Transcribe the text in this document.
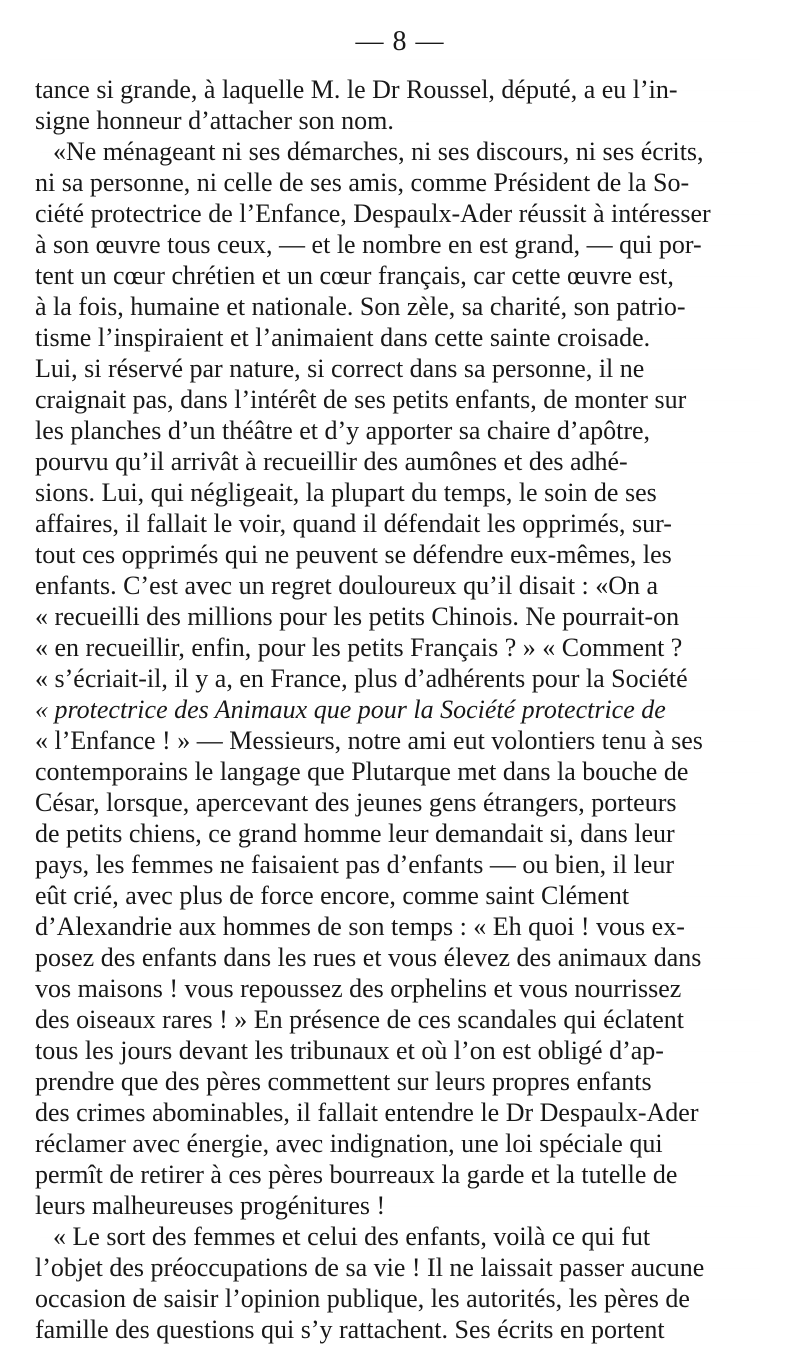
— 8 —
tance si grande, à laquelle M. le Dr Roussel, député, a eu l’in-
signe honneur d’attacher son nom.
«Ne ménageant ni ses démarches, ni ses discours, ni ses écrits,
ni sa personne, ni celle de ses amis, comme Président de la So-
ciété protectrice de l’Enfance, Despaulx-Ader réussit à intéresser
à son œuvre tous ceux, — et le nombre en est grand, — qui por-
tent un cœur chrétien et un cœur français, car cette œuvre est,
à la fois, humaine et nationale. Son zèle, sa charité, son patrio-
tisme l’inspiraient et l’animaient dans cette sainte croisade.
Lui, si réservé par nature, si correct dans sa personne, il ne
craignait pas, dans l’intérêt de ses petits enfants, de monter sur
les planches d’un théâtre et d’y apporter sa chaire d’apôtre,
pourvu qu’il arrivât à recueillir des aumônes et des adhé-
sions. Lui, qui négligeait, la plupart du temps, le soin de ses
affaires, il fallait le voir, quand il défendait les opprimés, sur-
tout ces opprimés qui ne peuvent se défendre eux-mêmes, les
enfants. C’est avec un regret douloureux qu’il disait : «On a
« recueilli des millions pour les petits Chinois. Ne pourrait-on
« en recueillir, enfin, pour les petits Français ? » « Comment ?
« s’écriait-il, il y a, en France, plus d’adhérents pour la Société
« protectrice des Animaux que pour la Société protectrice de
« l’Enfance ! » — Messieurs, notre ami eut volontiers tenu à ses
contemporains le langage que Plutarque met dans la bouche de
César, lorsque, apercevant des jeunes gens étrangers, porteurs
de petits chiens, ce grand homme leur demandait si, dans leur
pays, les femmes ne faisaient pas d’enfants — ou bien, il leur
eût crié, avec plus de force encore, comme saint Clément
d’Alexandrie aux hommes de son temps : « Eh quoi ! vous ex-
posez des enfants dans les rues et vous élevez des animaux dans
vos maisons ! vous repoussez des orphelins et vous nourrissez
des oiseaux rares ! » En présence de ces scandales qui éclatent
tous les jours devant les tribunaux et où l’on est obligé d’ap-
prendre que des pères commettent sur leurs propres enfants
des crimes abominables, il fallait entendre le Dr Despaulx-Ader
réclamer avec énergie, avec indignation, une loi spéciale qui
permît de retirer à ces pères bourreaux la garde et la tutelle de
leurs malheureuses progénitures !
« Le sort des femmes et celui des enfants, voilà ce qui fut
l’objet des préoccupations de sa vie ! Il ne laissait passer aucune
occasion de saisir l’opinion publique, les autorités, les pères de
famille des questions qui s’y rattachent. Ses écrits en portent
